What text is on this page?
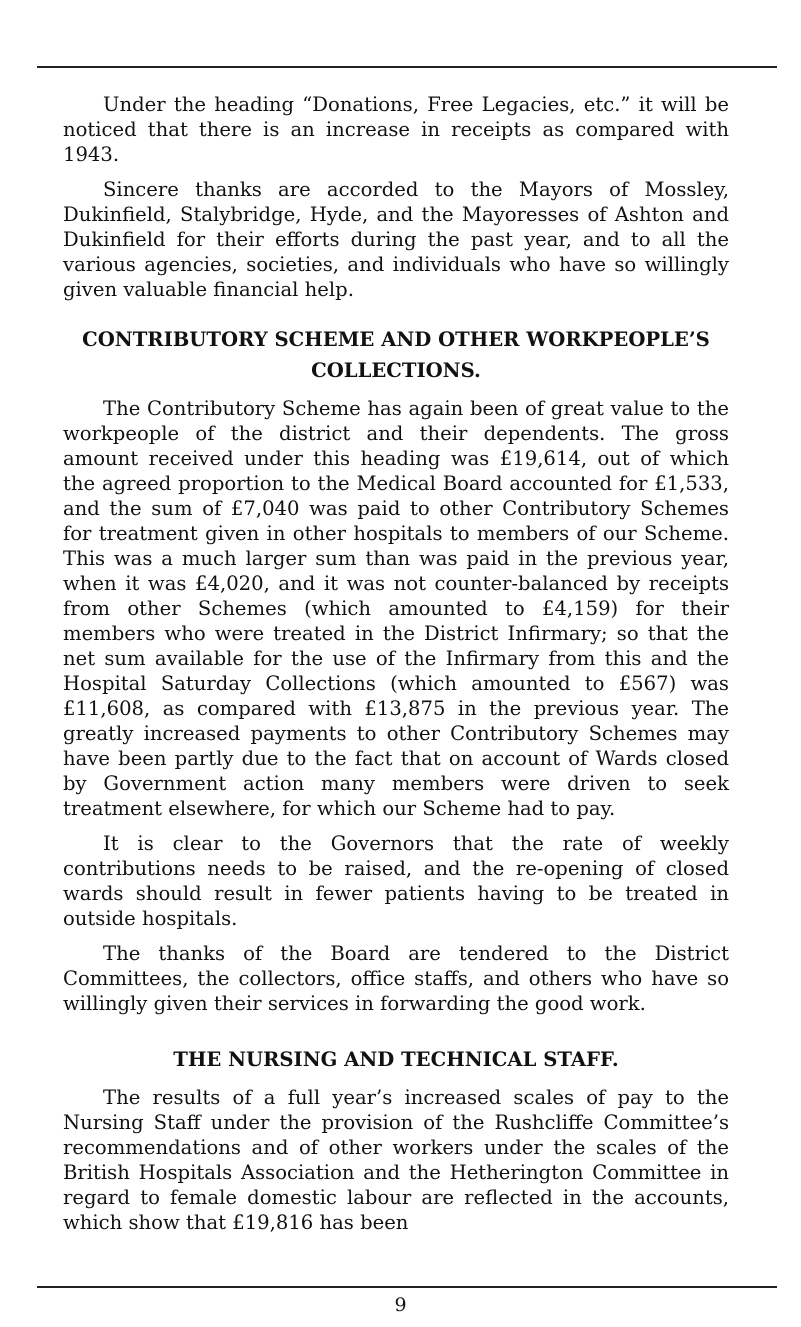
Under the heading “Donations, Free Legacies, etc.” it will be noticed that there is an increase in receipts as compared with 1943.

Sincere thanks are accorded to the Mayors of Mossley, Dukinfield, Stalybridge, Hyde, and the Mayoresses of Ashton and Dukinfield for their efforts during the past year, and to all the various agencies, societies, and individuals who have so willingly given valuable financial help.

CONTRIBUTORY SCHEME AND OTHER WORKPEOPLE’S
COLLECTIONS.

The Contributory Scheme has again been of great value to the workpeople of the district and their dependents. The gross amount received under this heading was £19,614, out of which the agreed proportion to the Medical Board accounted for £1,533, and the sum of £7,040 was paid to other Contributory Schemes for treatment given in other hospitals to members of our Scheme. This was a much larger sum than was paid in the previous year, when it was £4,020, and it was not counter-balanced by receipts from other Schemes (which amounted to £4,159) for their members who were treated in the District Infirmary; so that the net sum available for the use of the Infirmary from this and the Hospital Saturday Collections (which amounted to £567) was £11,608, as compared with £13,875 in the previous year. The greatly increased payments to other Contributory Schemes may have been partly due to the fact that on account of Wards closed by Government action many members were driven to seek treatment elsewhere, for which our Scheme had to pay.

It is clear to the Governors that the rate of weekly contributions needs to be raised, and the re-opening of closed wards should result in fewer patients having to be treated in outside hospitals.

The thanks of the Board are tendered to the District Committees, the collectors, office staffs, and others who have so willingly given their services in forwarding the good work.

THE NURSING AND TECHNICAL STAFF.

The results of a full year’s increased scales of pay to the Nursing Staff under the provision of the Rushcliffe Committee’s recommendations and of other workers under the scales of the British Hospitals Association and the Hetherington Committee in regard to female domestic labour are reflected in the accounts, which show that £19,816 has been

9
